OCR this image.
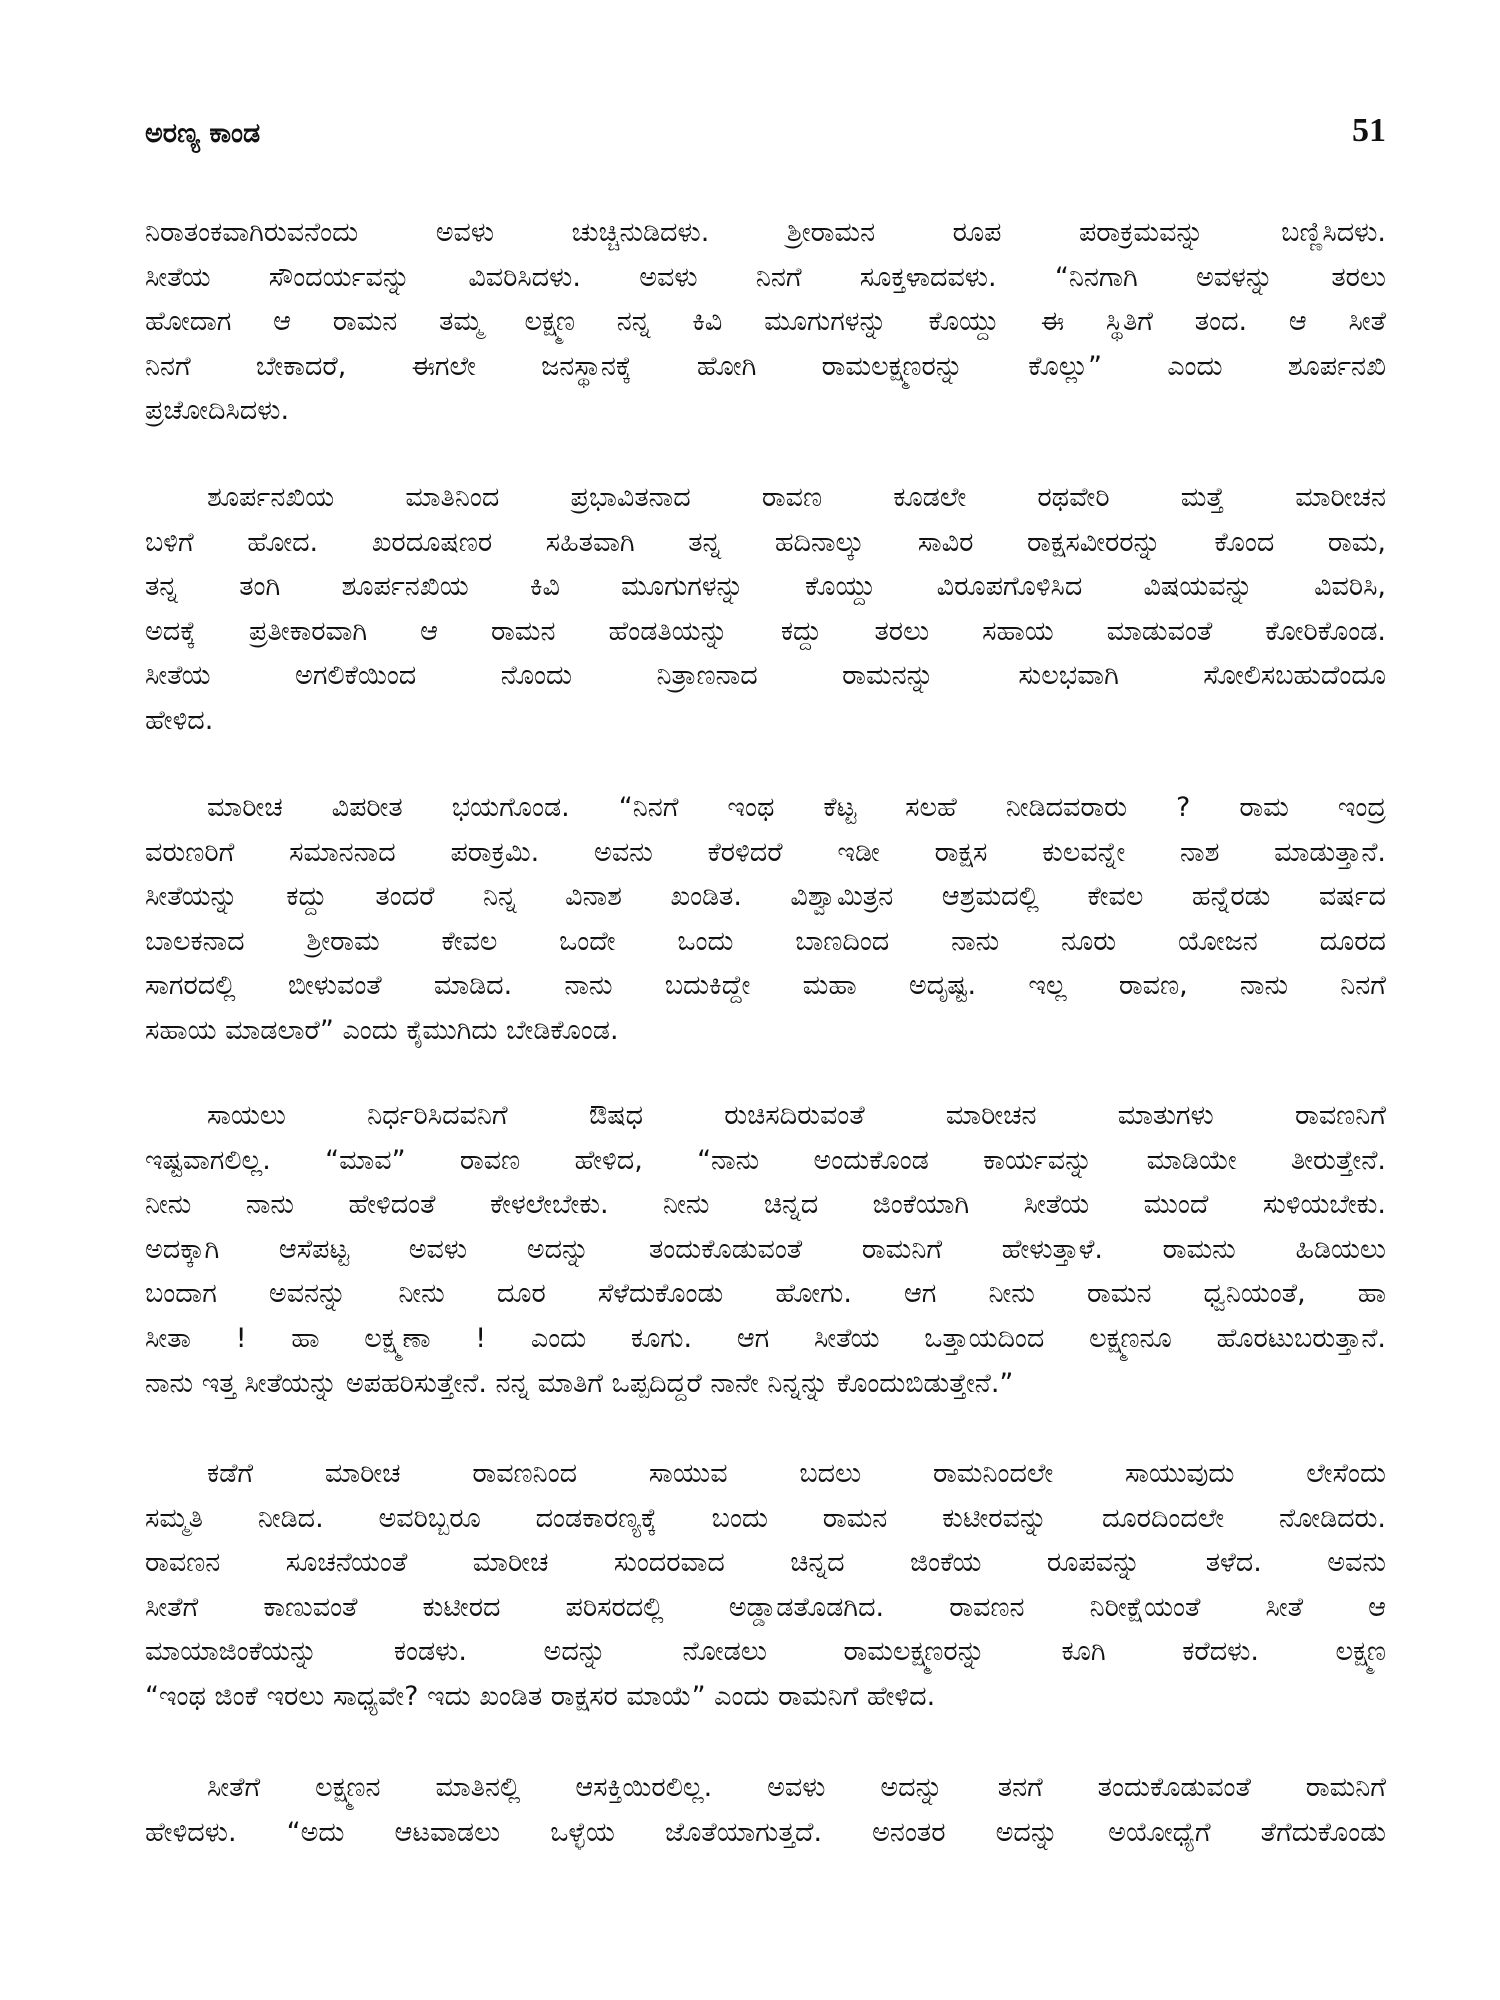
ಅರಣ್ಯ ಕಾಂಡ	51
ನಿರಾತಂಕವಾಗಿರುವನೆಂದು ಅವಳು ಚುಚ್ಚಿನುಡಿದಳು. ಶ್ರೀರಾಮನ ರೂಪ ಪರಾಕ್ರಮವನ್ನು ಬಣ್ಣಿಸಿದಳು.
ಸೀತೆಯ ಸೌಂದರ್ಯವನ್ನು ವಿವರಿಸಿದಳು. ಅವಳು ನಿನಗೆ ಸೂಕ್ತಳಾದವಳು. “ನಿನಗಾಗಿ ಅವಳನ್ನು ತರಲು
ಹೋದಾಗ ಆ ರಾಮನ ತಮ್ಮ ಲಕ್ಷ್ಮಣ ನನ್ನ ಕಿವಿ ಮೂಗುಗಳನ್ನು ಕೊಯ್ದು ಈ ಸ್ಥಿತಿಗೆ ತಂದ. ಆ ಸೀತೆ
ನಿನಗೆ ಬೇಕಾದರೆ, ಈಗಲೇ ಜನಸ್ಥಾನಕ್ಕೆ ಹೋಗಿ ರಾಮಲಕ್ಷ್ಮಣರನ್ನು ಕೊಲ್ಲು” ಎಂದು ಶೂರ್ಪನಖಿ
ಪ್ರಚೋದಿಸಿದಳು.
ಶೂರ್ಪನಖಿಯ ಮಾತಿನಿಂದ ಪ್ರಭಾವಿತನಾದ ರಾವಣ ಕೂಡಲೇ ರಥವೇರಿ ಮತ್ತೆ ಮಾರೀಚನ
ಬಳಿಗೆ ಹೋದ. ಖರದೂಷಣರ ಸಹಿತವಾಗಿ ತನ್ನ ಹದಿನಾಲ್ಕು ಸಾವಿರ ರಾಕ್ಷಸವೀರರನ್ನು ಕೊಂದ ರಾಮ,
ತನ್ನ ತಂಗಿ ಶೂರ್ಪನಖಿಯ ಕಿವಿ ಮೂಗುಗಳನ್ನು ಕೊಯ್ದು ವಿರೂಪಗೊಳಿಸಿದ ವಿಷಯವನ್ನು ವಿವರಿಸಿ,
ಅದಕ್ಕೆ ಪ್ರತೀಕಾರವಾಗಿ ಆ ರಾಮನ ಹೆಂಡತಿಯನ್ನು ಕದ್ದು ತರಲು ಸಹಾಯ ಮಾಡುವಂತೆ ಕೋರಿಕೊಂಡ.
ಸೀತೆಯ ಅಗಲಿಕೆಯಿಂದ ನೊಂದು ನಿತ್ರಾಣನಾದ ರಾಮನನ್ನು ಸುಲಭವಾಗಿ ಸೋಲಿಸಬಹುದೆಂದೂ
ಹೇಳಿದ.
ಮಾರೀಚ ವಿಪರೀತ ಭಯಗೊಂಡ. “ನಿನಗೆ ಇಂಥ ಕೆಟ್ಟ ಸಲಹೆ ನೀಡಿದವರಾರು ? ರಾಮ ಇಂದ್ರ
ವರುಣರಿಗೆ ಸಮಾನನಾದ ಪರಾಕ್ರಮಿ. ಅವನು ಕೆರಳಿದರೆ ಇಡೀ ರಾಕ್ಷಸ ಕುಲವನ್ನೇ ನಾಶ ಮಾಡುತ್ತಾನೆ.
ಸೀತೆಯನ್ನು ಕದ್ದು ತಂದರೆ ನಿನ್ನ ವಿನಾಶ ಖಂಡಿತ. ವಿಶ್ವಾಮಿತ್ರನ ಆಶ್ರಮದಲ್ಲಿ ಕೇವಲ ಹನ್ನೆರಡು ವರ್ಷದ
ಬಾಲಕನಾದ ಶ್ರೀರಾಮ ಕೇವಲ ಒಂದೇ ಒಂದು ಬಾಣದಿಂದ ನಾನು ನೂರು ಯೋಜನ ದೂರದ
ಸಾಗರದಲ್ಲಿ ಬೀಳುವಂತೆ ಮಾಡಿದ. ನಾನು ಬದುಕಿದ್ದೇ ಮಹಾ ಅದೃಷ್ಟ. ಇಲ್ಲ ರಾವಣ, ನಾನು ನಿನಗೆ
ಸಹಾಯ ಮಾಡಲಾರೆ” ಎಂದು ಕೈಮುಗಿದು ಬೇಡಿಕೊಂಡ.
ಸಾಯಲು ನಿರ್ಧರಿಸಿದವನಿಗೆ ಔಷಧ ರುಚಿಸದಿರುವಂತೆ ಮಾರೀಚನ ಮಾತುಗಳು ರಾವಣನಿಗೆ
ಇಷ್ಟವಾಗಲಿಲ್ಲ. “ಮಾವ” ರಾವಣ ಹೇಳಿದ, “ನಾನು ಅಂದುಕೊಂಡ ಕಾರ್ಯವನ್ನು ಮಾಡಿಯೇ ತೀರುತ್ತೇನೆ.
ನೀನು ನಾನು ಹೇಳಿದಂತೆ ಕೇಳಲೇಬೇಕು. ನೀನು ಚಿನ್ನದ ಜಿಂಕೆಯಾಗಿ ಸೀತೆಯ ಮುಂದೆ ಸುಳಿಯಬೇಕು.
ಅದಕ್ಕಾಗಿ ಆಸೆಪಟ್ಟ ಅವಳು ಅದನ್ನು ತಂದುಕೊಡುವಂತೆ ರಾಮನಿಗೆ ಹೇಳುತ್ತಾಳೆ. ರಾಮನು ಹಿಡಿಯಲು
ಬಂದಾಗ ಅವನನ್ನು ನೀನು ದೂರ ಸೆಳೆದುಕೊಂಡು ಹೋಗು. ಆಗ ನೀನು ರಾಮನ ಧ್ವನಿಯಂತೆ, ಹಾ
ಸೀತಾ ! ಹಾ ಲಕ್ಷ್ಮಣಾ ! ಎಂದು ಕೂಗು. ಆಗ ಸೀತೆಯ ಒತ್ತಾಯದಿಂದ ಲಕ್ಷ್ಮಣನೂ ಹೊರಟುಬರುತ್ತಾನೆ.
ನಾನು ಇತ್ತ ಸೀತೆಯನ್ನು ಅಪಹರಿಸುತ್ತೇನೆ. ನನ್ನ ಮಾತಿಗೆ ಒಪ್ಪದಿದ್ದರೆ ನಾನೇ ನಿನ್ನನ್ನು ಕೊಂದುಬಿಡುತ್ತೇನೆ.”
ಕಡೆಗೆ ಮಾರೀಚ ರಾವಣನಿಂದ ಸಾಯುವ ಬದಲು ರಾಮನಿಂದಲೇ ಸಾಯುವುದು ಲೇಸೆಂದು
ಸಮ್ಮತಿ ನೀಡಿದ. ಅವರಿಬ್ಬರೂ ದಂಡಕಾರಣ್ಯಕ್ಕೆ ಬಂದು ರಾಮನ ಕುಟೀರವನ್ನು ದೂರದಿಂದಲೇ ನೋಡಿದರು.
ರಾವಣನ ಸೂಚನೆಯಂತೆ ಮಾರೀಚ ಸುಂದರವಾದ ಚಿನ್ನದ ಜಿಂಕೆಯ ರೂಪವನ್ನು ತಳೆದ. ಅವನು
ಸೀತೆಗೆ ಕಾಣುವಂತೆ ಕುಟೀರದ ಪರಿಸರದಲ್ಲಿ ಅಡ್ಡಾಡತೊಡಗಿದ. ರಾವಣನ ನಿರೀಕ್ಷೆಯಂತೆ ಸೀತೆ ಆ
ಮಾಯಾಜಿಂಕೆಯನ್ನು ಕಂಡಳು. ಅದನ್ನು ನೋಡಲು ರಾಮಲಕ್ಷ್ಮಣರನ್ನು ಕೂಗಿ ಕರೆದಳು. ಲಕ್ಷ್ಮಣ
“ಇಂಥ ಜಿಂಕೆ ಇರಲು ಸಾಧ್ಯವೇ? ಇದು ಖಂಡಿತ ರಾಕ್ಷಸರ ಮಾಯೆ” ಎಂದು ರಾಮನಿಗೆ ಹೇಳಿದ.
ಸೀತೆಗೆ ಲಕ್ಷ್ಮಣನ ಮಾತಿನಲ್ಲಿ ಆಸಕ್ತಿಯಿರಲಿಲ್ಲ. ಅವಳು ಅದನ್ನು ತನಗೆ ತಂದುಕೊಡುವಂತೆ ರಾಮನಿಗೆ
ಹೇಳಿದಳು. “ಅದು ಆಟವಾಡಲು ಒಳ್ಳೆಯ ಜೊತೆಯಾಗುತ್ತದೆ. ಅನಂತರ ಅದನ್ನು ಅಯೋಧ್ಯೆಗೆ ತೆಗೆದುಕೊಂಡು
